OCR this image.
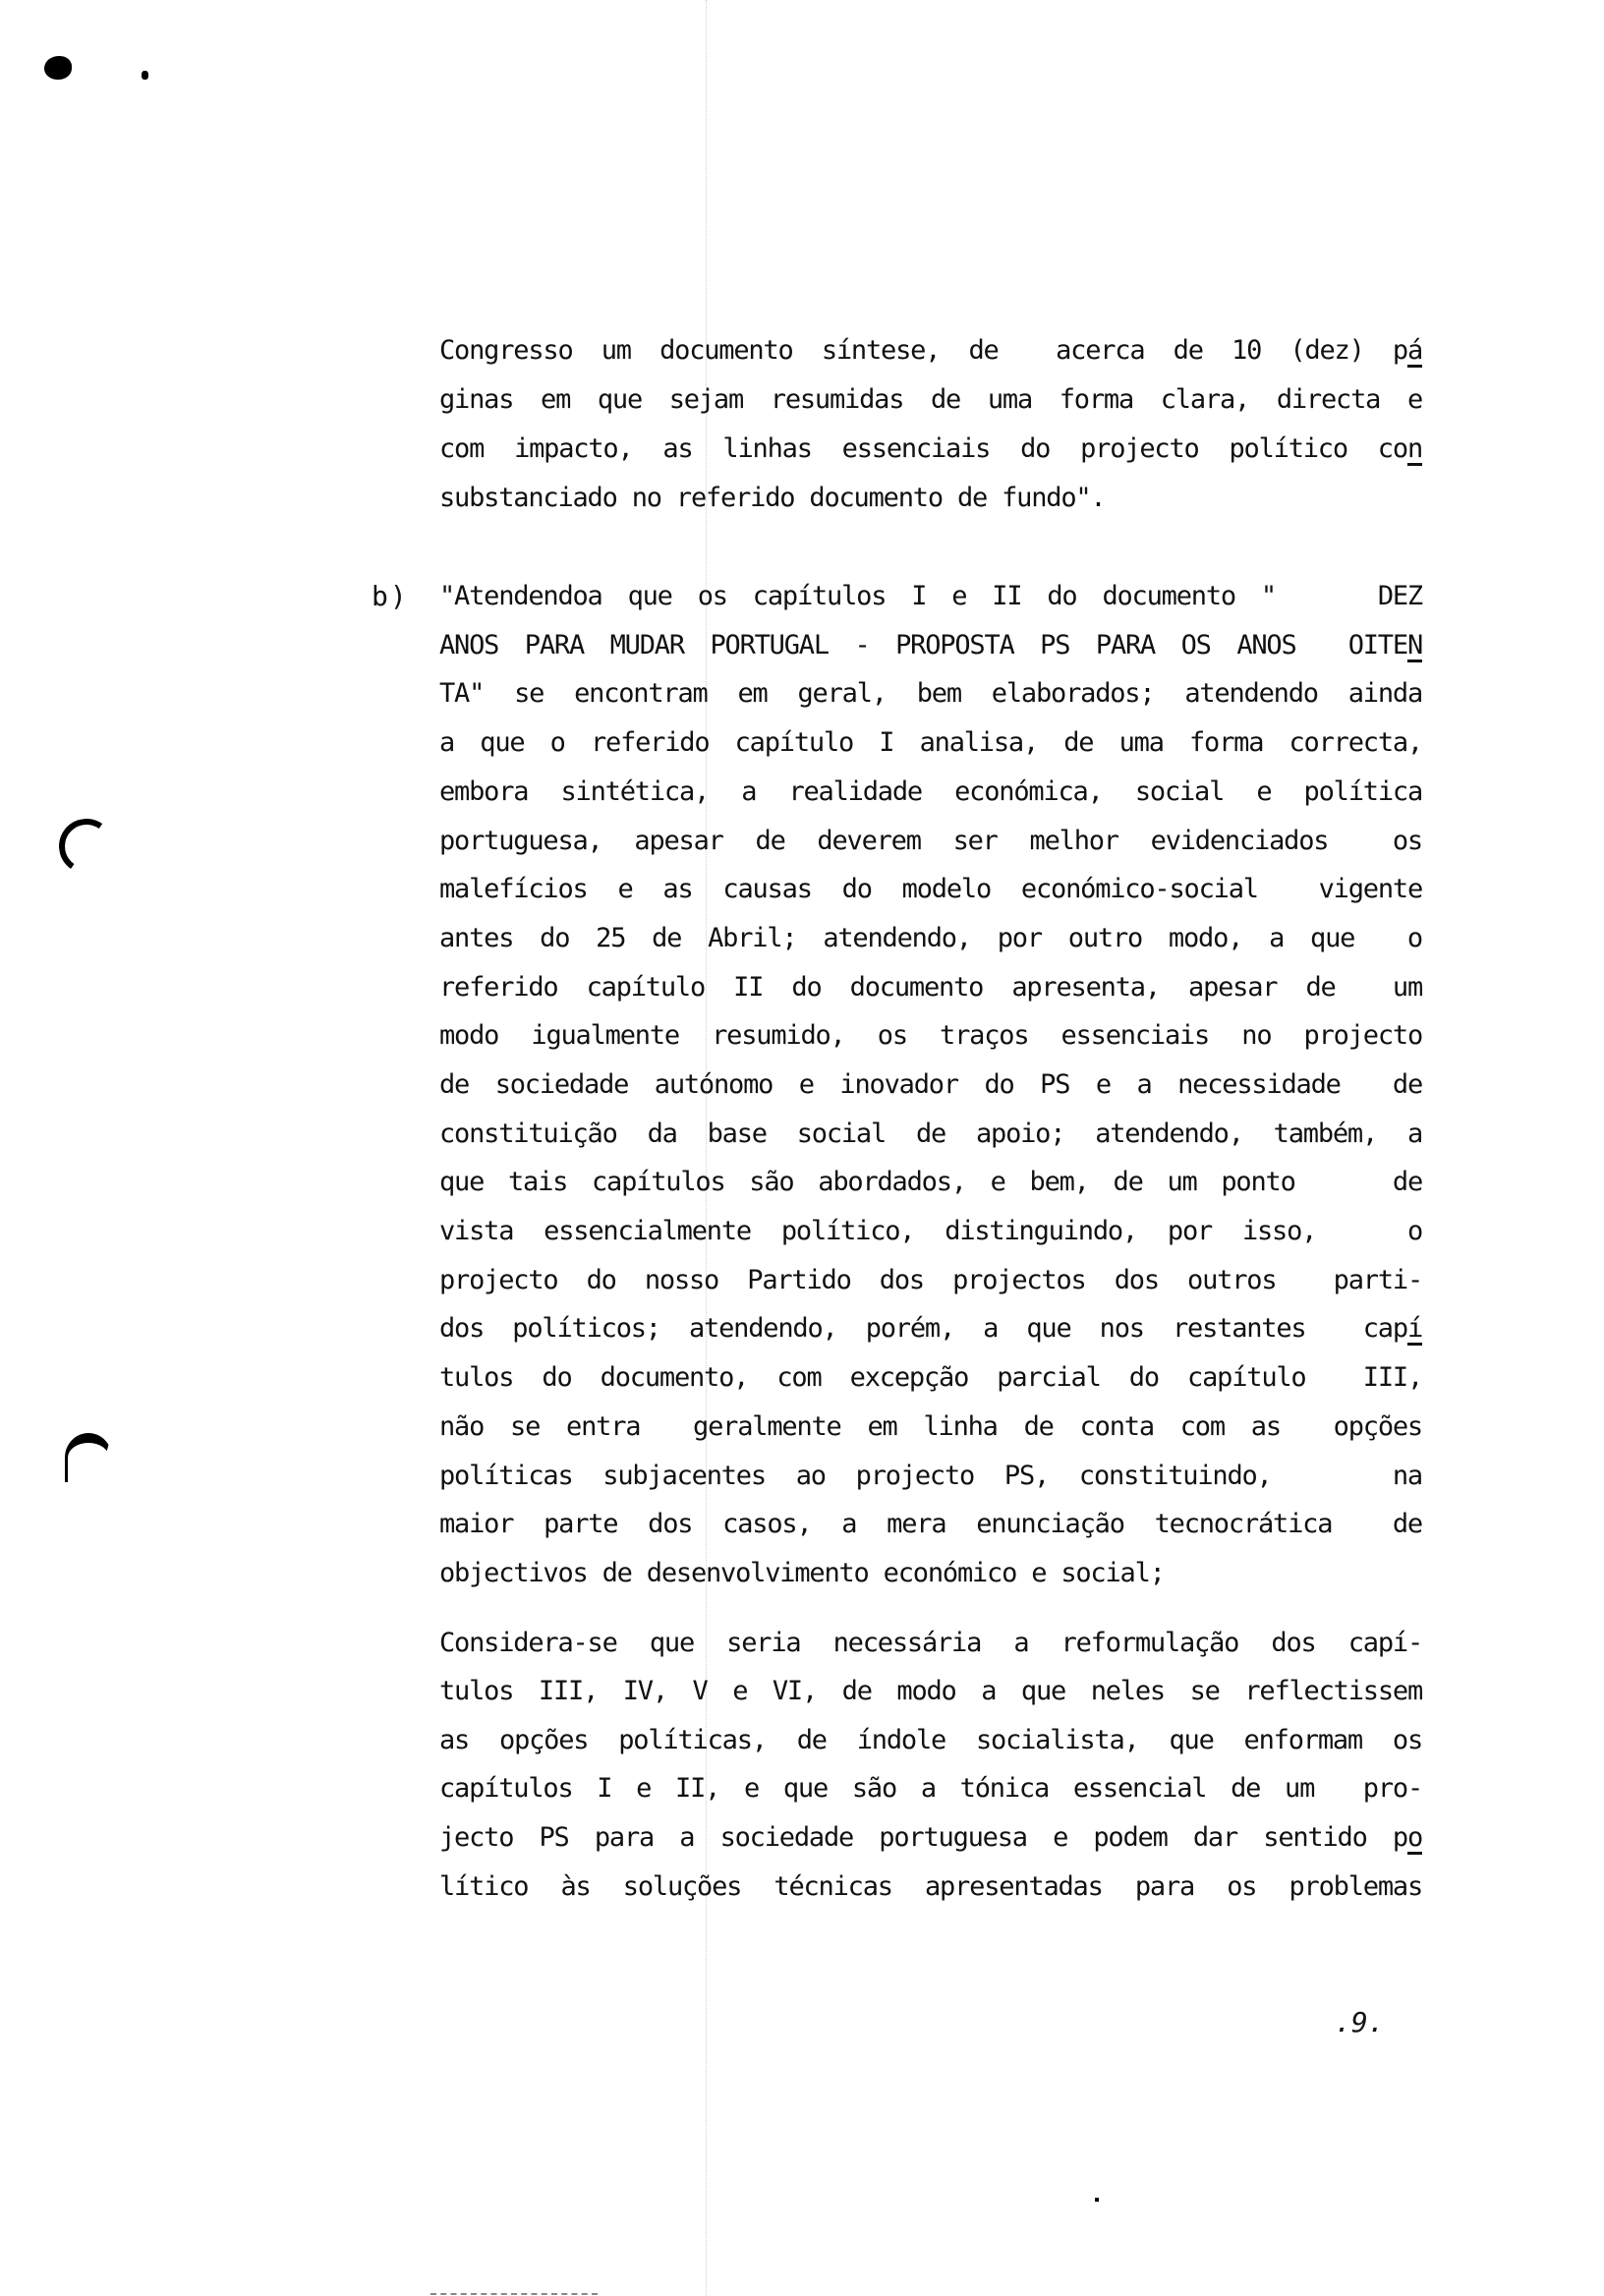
Congresso um documento síntese, de  acerca de 10 (dez) pá
ginas em que sejam resumidas de uma forma clara, directa e
com impacto, as linhas essenciais do projecto político con
substanciado no referido documento de fundo".
b) "Atendendoa que os capítulos I e II do documento "    DEZ
ANOS PARA MUDAR PORTUGAL - PROPOSTA PS PARA OS ANOS  OITEN
TA" se encontram em geral, bem elaborados; atendendo ainda
a que o referido capítulo I analisa, de uma forma correcta,
embora sintética, a realidade económica, social e política
portuguesa, apesar de deverem ser melhor evidenciados  os
malefícios e as causas do modelo económico-social  vigente
antes do 25 de Abril; atendendo, por outro modo, a que  o
referido capítulo II do documento apresenta, apesar de  um
modo igualmente resumido, os traços essenciais no projecto
de sociedade autónomo e inovador do PS e a necessidade  de
constituição da base social de apoio; atendendo, também, a
que tais capítulos são abordados, e bem, de um ponto    de
vista essencialmente político, distinguindo, por isso,   o
projecto do nosso Partido dos projectos dos outros  parti-
dos políticos; atendendo, porém, a que nos restantes  capí
tulos do documento, com excepção parcial do capítulo  III,
não se entra  geralmente em linha de conta com as  opções
políticas subjacentes ao projecto PS, constituindo,    na
maior parte dos casos, a mera enunciação tecnocrática  de
objectivos de desenvolvimento económico e social;
Considera-se que seria necessária a reformulação dos capí-
tulos III, IV, V e VI, de modo a que neles se reflectissem
as opções políticas, de índole socialista, que enformam os
capítulos I e II, e que são a tónica essencial de um  pro-
jecto PS para a sociedade portuguesa e podem dar sentido po
lítico às soluções técnicas apresentadas para os problemas
.9.
